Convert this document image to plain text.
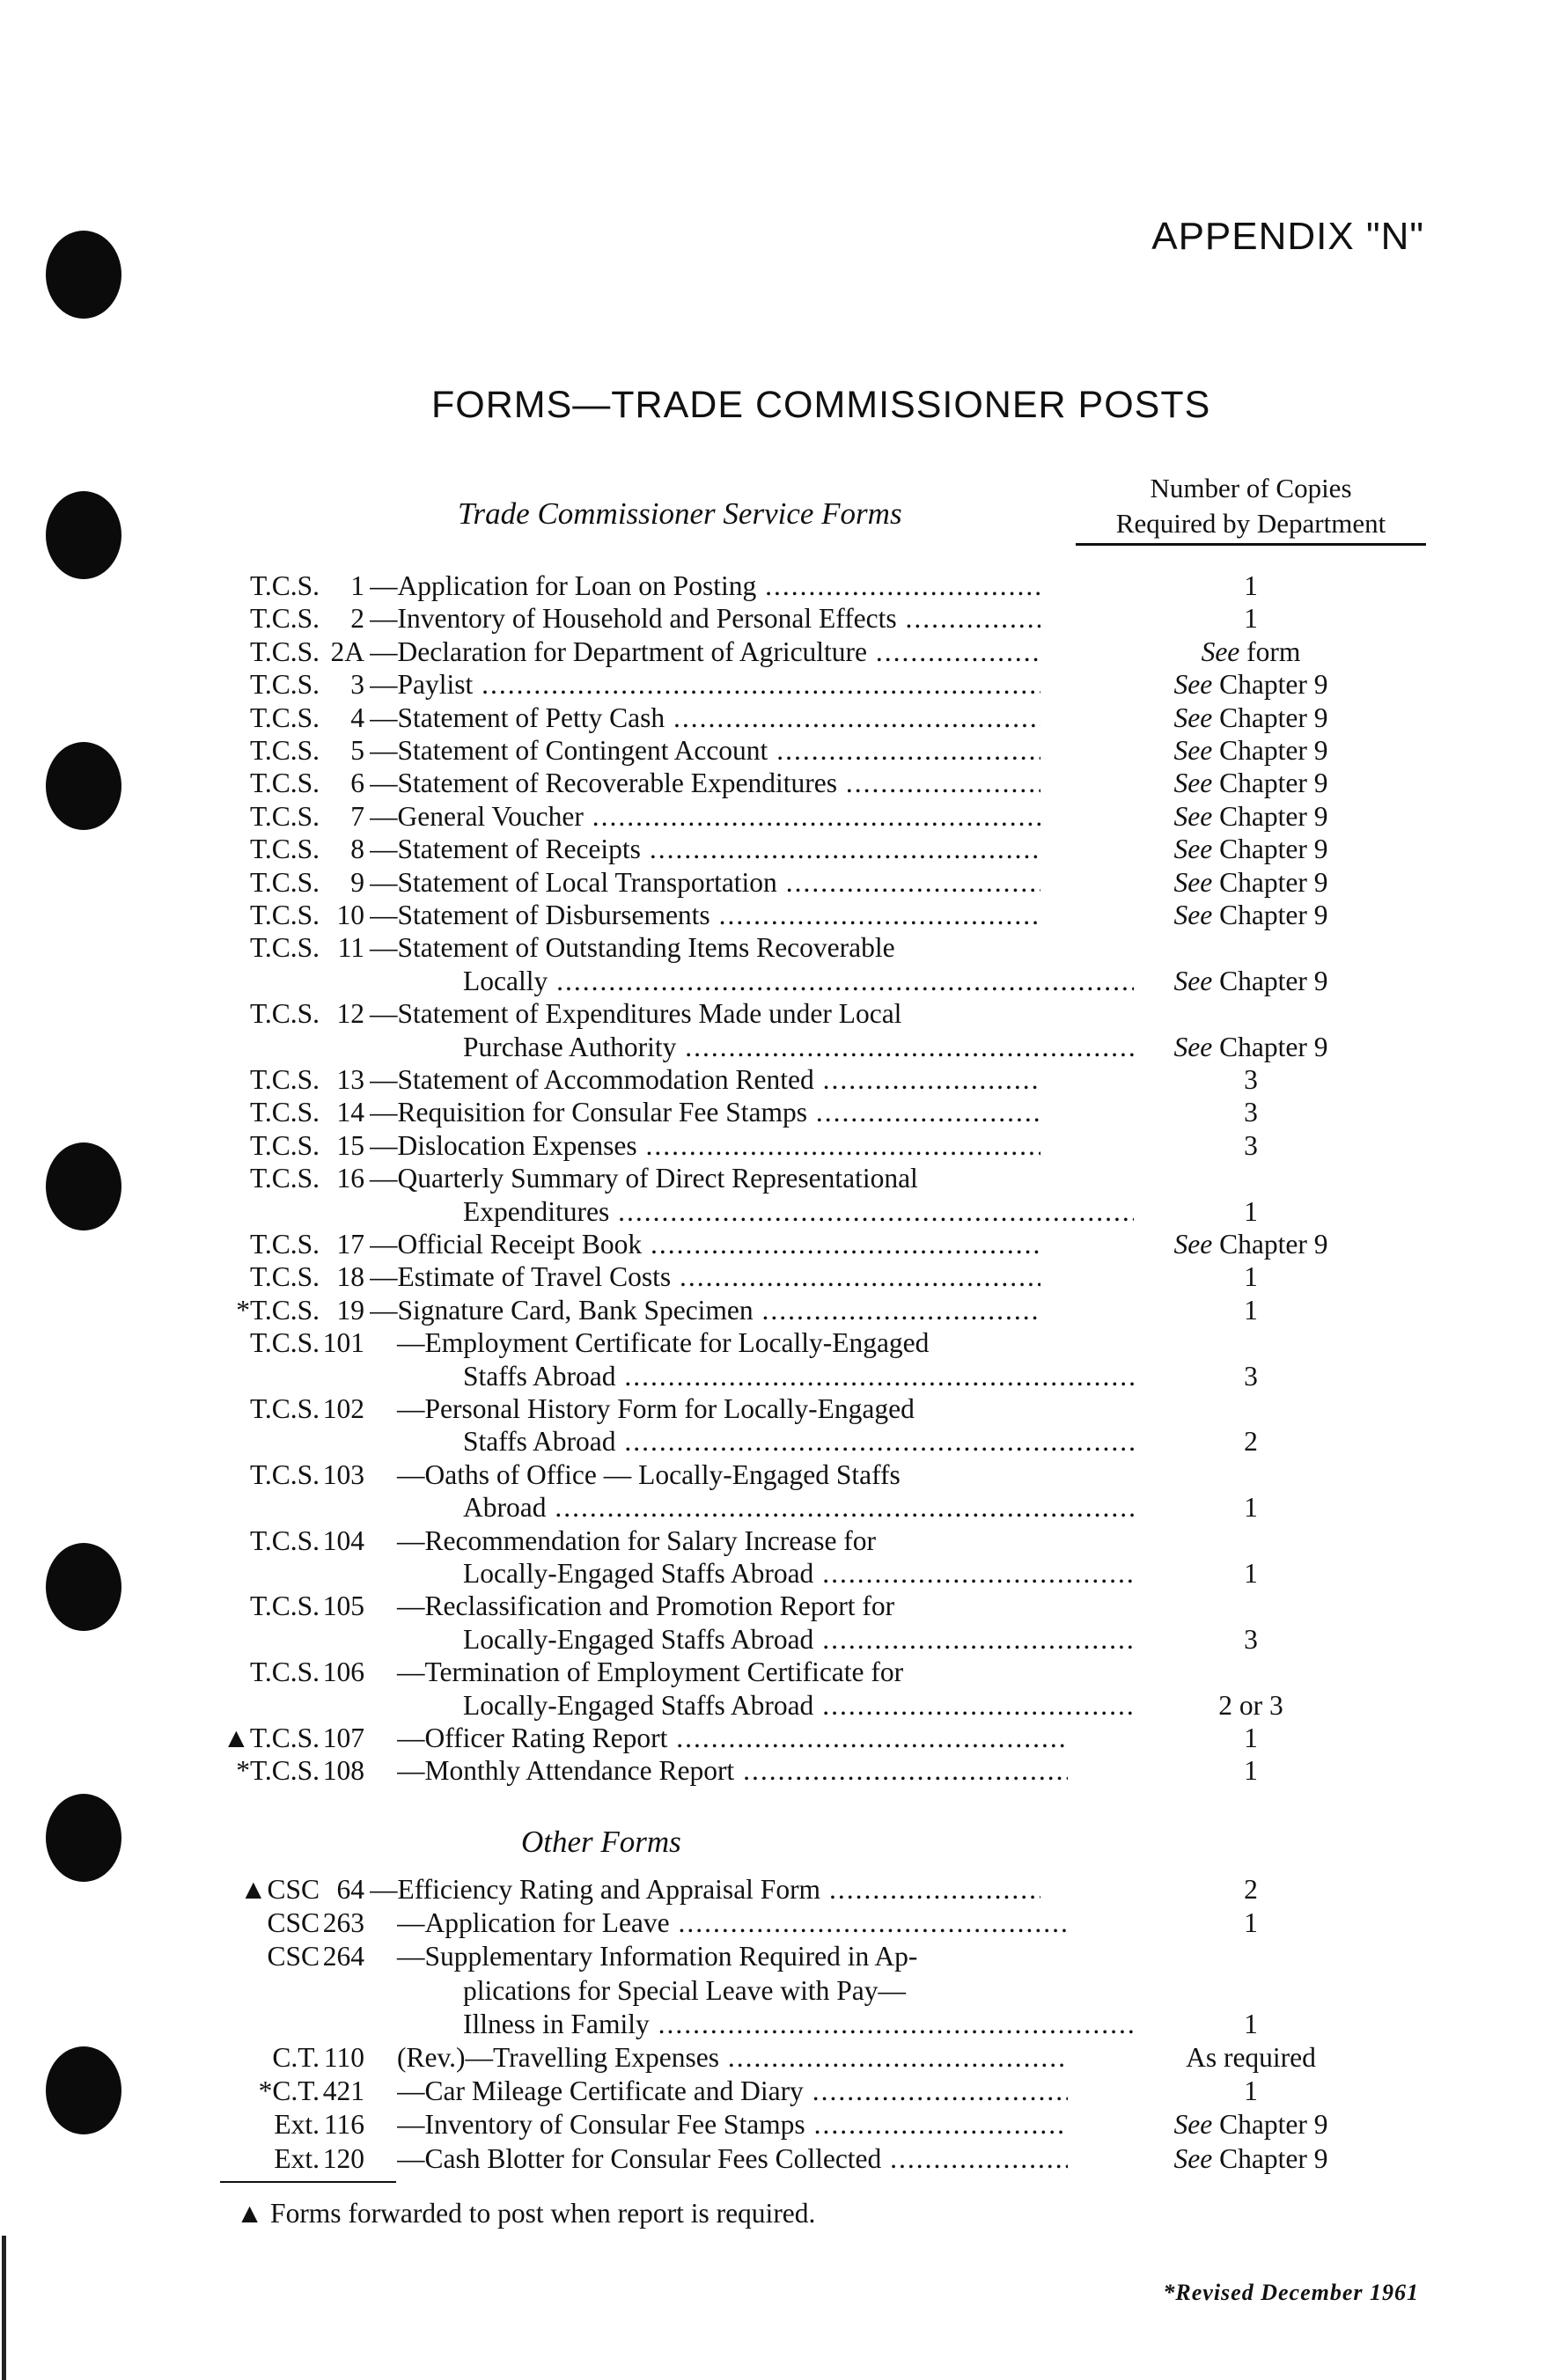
APPENDIX "N"
FORMS—TRADE COMMISSIONER POSTS
Trade Commissioner Service Forms
Number of Copies
Required by Department
T.C.S. 1 —Application for Loan on Posting .....	1
T.C.S. 2 —Inventory of Household and Personal Effects .....	1
T.C.S. 2A —Declaration for Department of Agriculture .....	See form
T.C.S. 3 —Paylist .....	See Chapter 9
T.C.S. 4 —Statement of Petty Cash .....	See Chapter 9
T.C.S. 5 —Statement of Contingent Account .....	See Chapter 9
T.C.S. 6 —Statement of Recoverable Expenditures .....	See Chapter 9
T.C.S. 7 —General Voucher .....	See Chapter 9
T.C.S. 8 —Statement of Receipts .....	See Chapter 9
T.C.S. 9 —Statement of Local Transportation .....	See Chapter 9
T.C.S. 10 —Statement of Disbursements .....	See Chapter 9
T.C.S. 11 —Statement of Outstanding Items Recoverable
Locally .....	See Chapter 9
T.C.S. 12 —Statement of Expenditures Made under Local
Purchase Authority .....	See Chapter 9
T.C.S. 13 —Statement of Accommodation Rented .....	3
T.C.S. 14 —Requisition for Consular Fee Stamps .....	3
T.C.S. 15 —Dislocation Expenses .....	3
T.C.S. 16 —Quarterly Summary of Direct Representational
Expenditures .....	1
T.C.S. 17 —Official Receipt Book .....	See Chapter 9
T.C.S. 18 —Estimate of Travel Costs .....	1
*T.C.S. 19 —Signature Card, Bank Specimen .....	1
T.C.S. 101 —Employment Certificate for Locally-Engaged
Staffs Abroad .....	3
T.C.S. 102 —Personal History Form for Locally-Engaged
Staffs Abroad .....	2
T.C.S. 103 —Oaths of Office — Locally-Engaged Staffs
Abroad .....	1
T.C.S. 104 —Recommendation for Salary Increase for
Locally-Engaged Staffs Abroad .....	1
T.C.S. 105 —Reclassification and Promotion Report for
Locally-Engaged Staffs Abroad .....	3
T.C.S. 106 —Termination of Employment Certificate for
Locally-Engaged Staffs Abroad .....	2 or 3
▲T.C.S. 107 —Officer Rating Report .....	1
*T.C.S. 108 —Monthly Attendance Report .....	1
Other Forms
▲CSC 64 —Efficiency Rating and Appraisal Form .....	2
CSC 263 —Application for Leave .....	1
CSC 264 —Supplementary Information Required in Ap-
plications for Special Leave with Pay—
Illness in Family .....	1
C.T. 110 (Rev.)—Travelling Expenses .....	As required
*C.T. 421 —Car Mileage Certificate and Diary .....	1
Ext. 116 —Inventory of Consular Fee Stamps .....	See Chapter 9
Ext. 120 —Cash Blotter for Consular Fees Collected .....	See Chapter 9
▲ Forms forwarded to post when report is required.
*Revised December 1961
